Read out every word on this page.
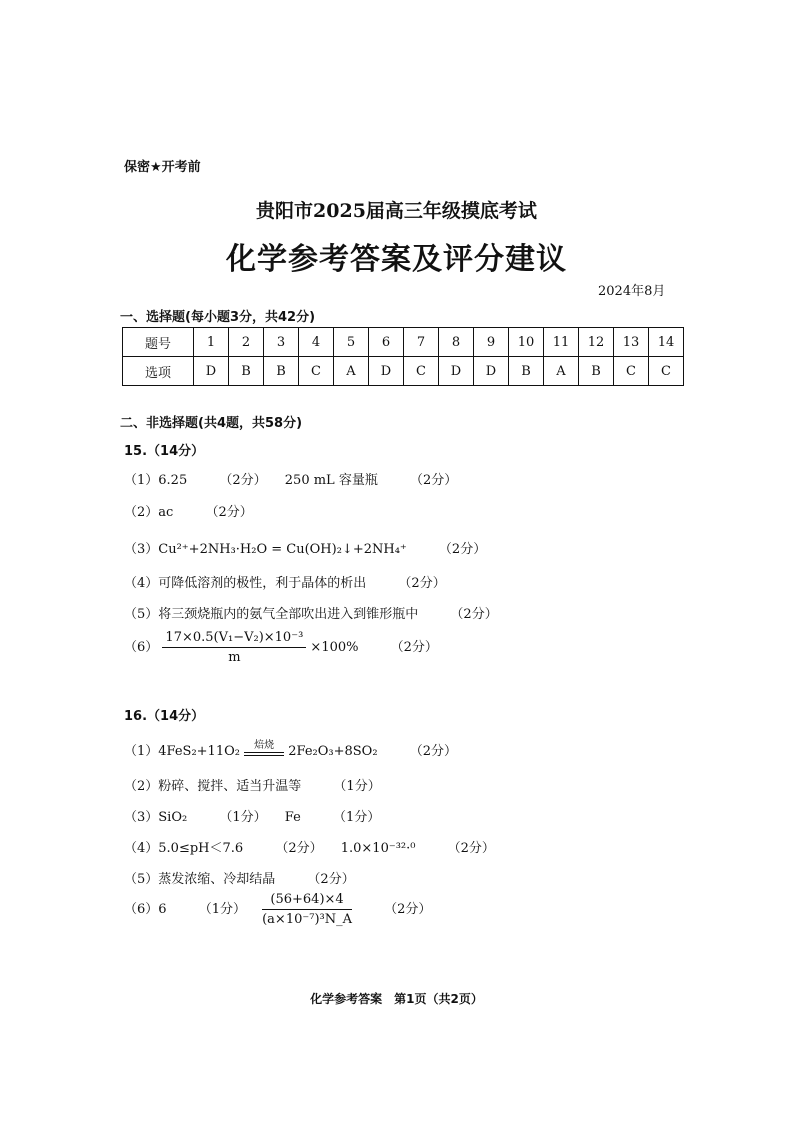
保密★开考前
贵阳市2025届高三年级摸底考试
化学参考答案及评分建议
2024年8月
一、选择题(每小题3分，共42分)
题号	1	2	3	4	5	6	7	8	9	10	11	12	13	14
选项	D	B	B	C	A	D	C	D	D	B	A	B	C	C
二、非选择题(共4题，共58分)
15.（14分）
（1）6.25 （2分） 250 mL 容量瓶 （2分）
（2）ac （2分）
（3）Cu²⁺+2NH₃·H₂O = Cu(OH)₂↓+2NH₄⁺ （2分）
（4）可降低溶剂的极性，利于晶体的析出 （2分）
（5）将三颈烧瓶内的氨气全部吹出进入到锥形瓶中 （2分）
$(6) \frac{\text{17×0.5(V₁−V₂)×10⁻³}}{m} \times 100\%$ （2分）
16.（14分）
（1）4FeS₂+11O₂	焙烧	2Fe₂O₃+8SO₂ （2分）
（2）粉碎、搅拌、适当升温等 （1分）
（3）SiO₂ （1分） Fe （1分）
（4）5.0≤pH＜7.6 （2分） 1.0×10⁻³²·⁰ （2分）
（5）蒸发浓缩、冷却结晶 （2分）
（6）6 （1分） $\frac{(56+64)\times 4}{\text{(a×10⁻⁷)³N\_A}} (2$分）
化学参考答案　第1页（共2页）
